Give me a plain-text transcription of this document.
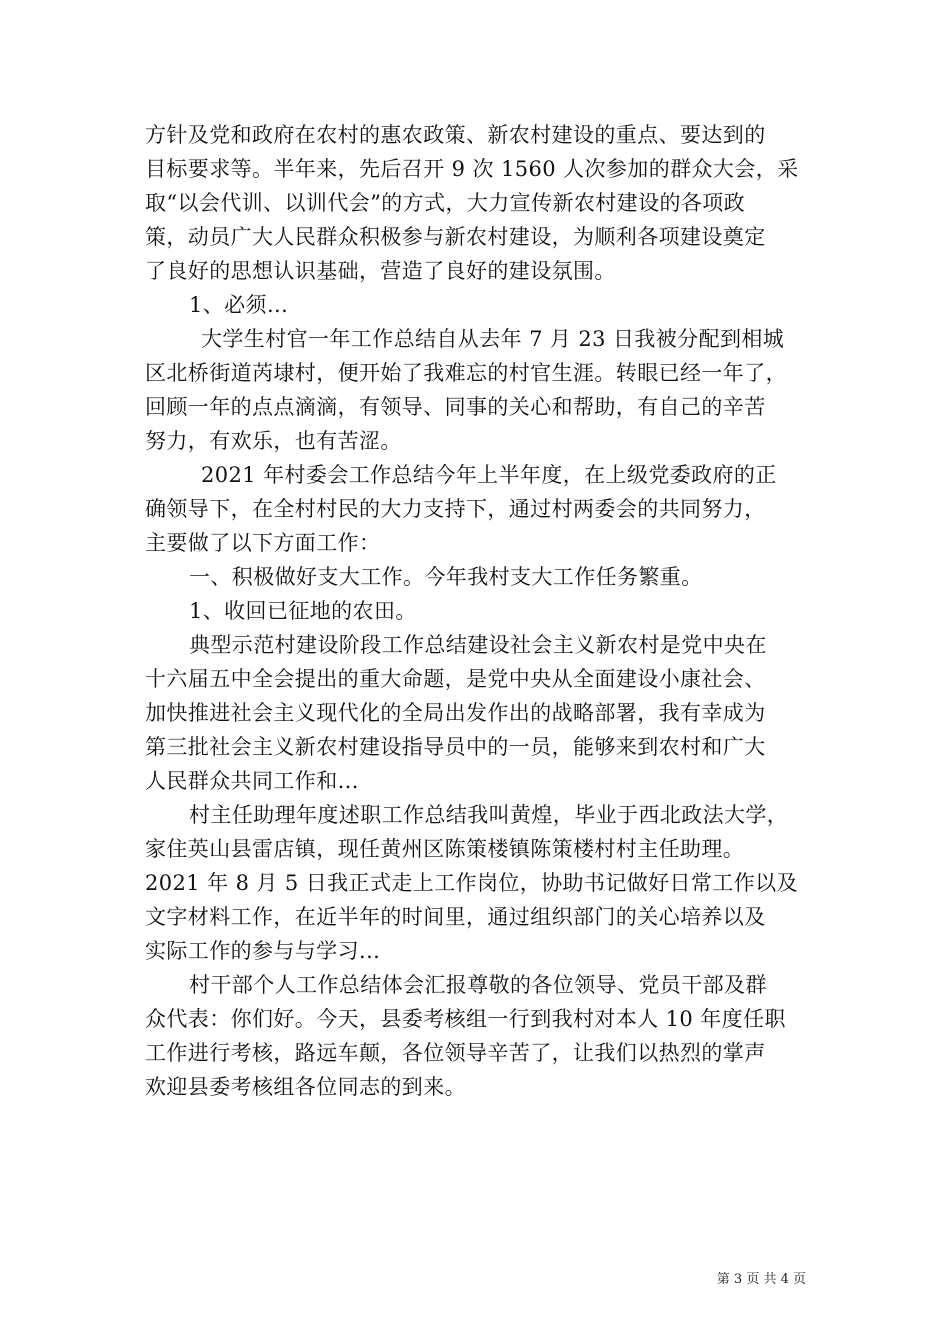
方针及党和政府在农村的惠农政策、新农村建设的重点、要达到的
目标要求等。半年来，先后召开 9 次 1560 人次参加的群众大会，采
取“以会代训、以训代会”的方式，大力宣传新农村建设的各项政
策，动员广大人民群众积极参与新农村建设，为顺利各项建设奠定
了良好的思想认识基础，营造了良好的建设氛围。
1、必须...
大学生村官一年工作总结自从去年 7 月 23 日我被分配到相城
区北桥街道芮埭村，便开始了我难忘的村官生涯。转眼已经一年了，
回顾一年的点点滴滴，有领导、同事的关心和帮助，有自己的辛苦
努力，有欢乐，也有苦涩。
2021 年村委会工作总结今年上半年度，在上级党委政府的正
确领导下，在全村村民的大力支持下，通过村两委会的共同努力，
主要做了以下方面工作：
一、积极做好支大工作。今年我村支大工作任务繁重。
1、收回已征地的农田。
典型示范村建设阶段工作总结建设社会主义新农村是党中央在
十六届五中全会提出的重大命题，是党中央从全面建设小康社会、
加快推进社会主义现代化的全局出发作出的战略部署，我有幸成为
第三批社会主义新农村建设指导员中的一员，能够来到农村和广大
人民群众共同工作和...
村主任助理年度述职工作总结我叫黄煌，毕业于西北政法大学，
家住英山县雷店镇，现任黄州区陈策楼镇陈策楼村村主任助理。
2021 年 8 月 5 日我正式走上工作岗位，协助书记做好日常工作以及
文字材料工作，在近半年的时间里，通过组织部门的关心培养以及
实际工作的参与与学习...
村干部个人工作总结体会汇报尊敬的各位领导、党员干部及群
众代表：你们好。今天，县委考核组一行到我村对本人 10 年度任职
工作进行考核，路远车颠，各位领导辛苦了，让我们以热烈的掌声
欢迎县委考核组各位同志的到来。
第 3 页 共 4 页
